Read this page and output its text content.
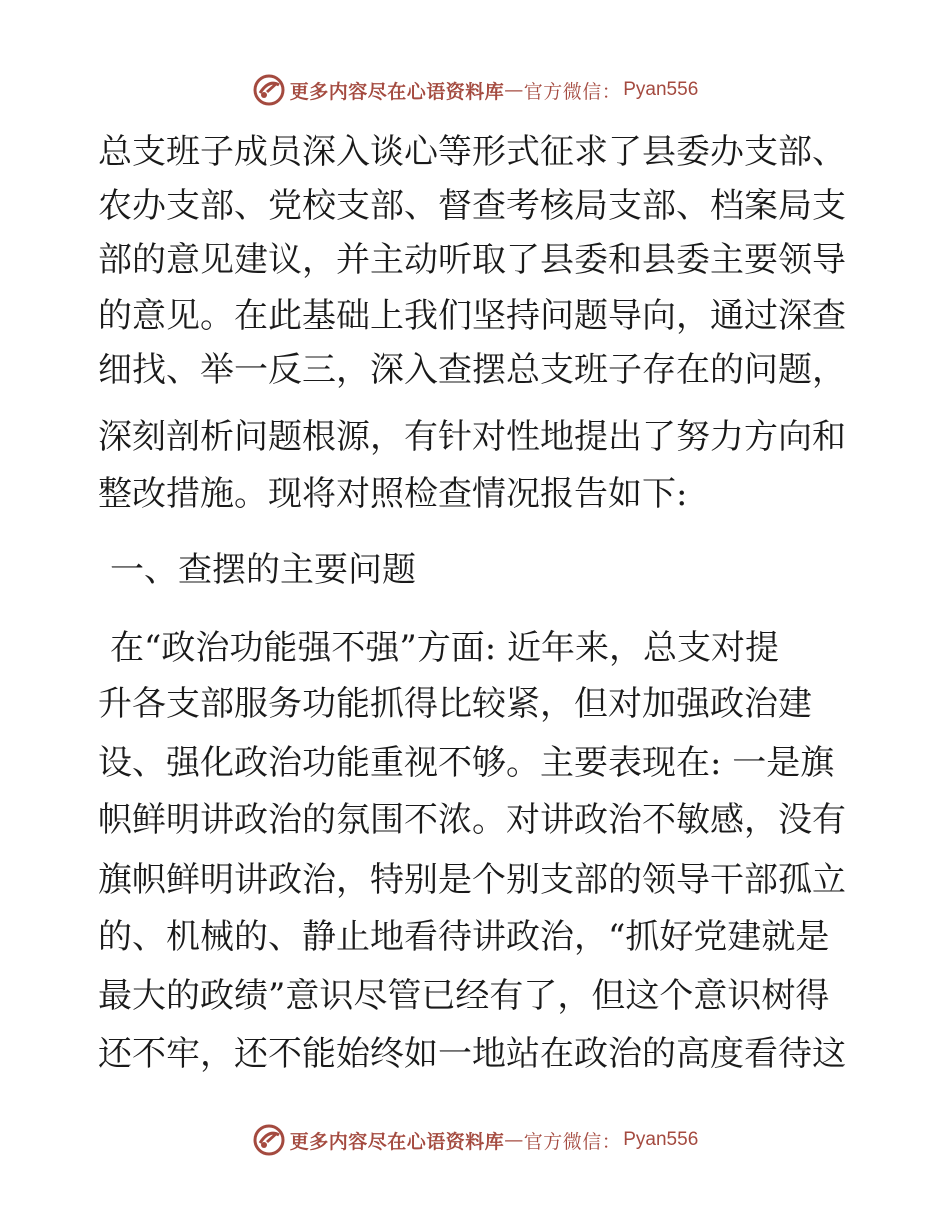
更多内容尽在心语资料库 — 官方微信： Pyan556
总支班子成员深入谈心等形式征求了县委办支部、
农办支部、党校支部、督查考核局支部、档案局支
部的意见建议，并主动听取了县委和县委主要领导
的意见。在此基础上我们坚持问题导向，通过深查
细找、举一反三，深入查摆总支班子存在的问题，
深刻剖析问题根源，有针对性地提出了努力方向和
整改措施。现将对照检查情况报告如下:
一、查摆的主要问题
在“政治功能强不强”方面: 近年来，总支对提
升各支部服务功能抓得比较紧，但对加强政治建
设、强化政治功能重视不够。主要表现在: 一是旗
帜鲜明讲政治的氛围不浓。对讲政治不敏感，没有
旗帜鲜明讲政治，特别是个别支部的领导干部孤立
的、机械的、静止地看待讲政治，“抓好党建就是
最大的政绩”意识尽管已经有了，但这个意识树得
还不牢，还不能始终如一地站在政治的高度看待这
更多内容尽在心语资料库 — 官方微信： Pyan556
